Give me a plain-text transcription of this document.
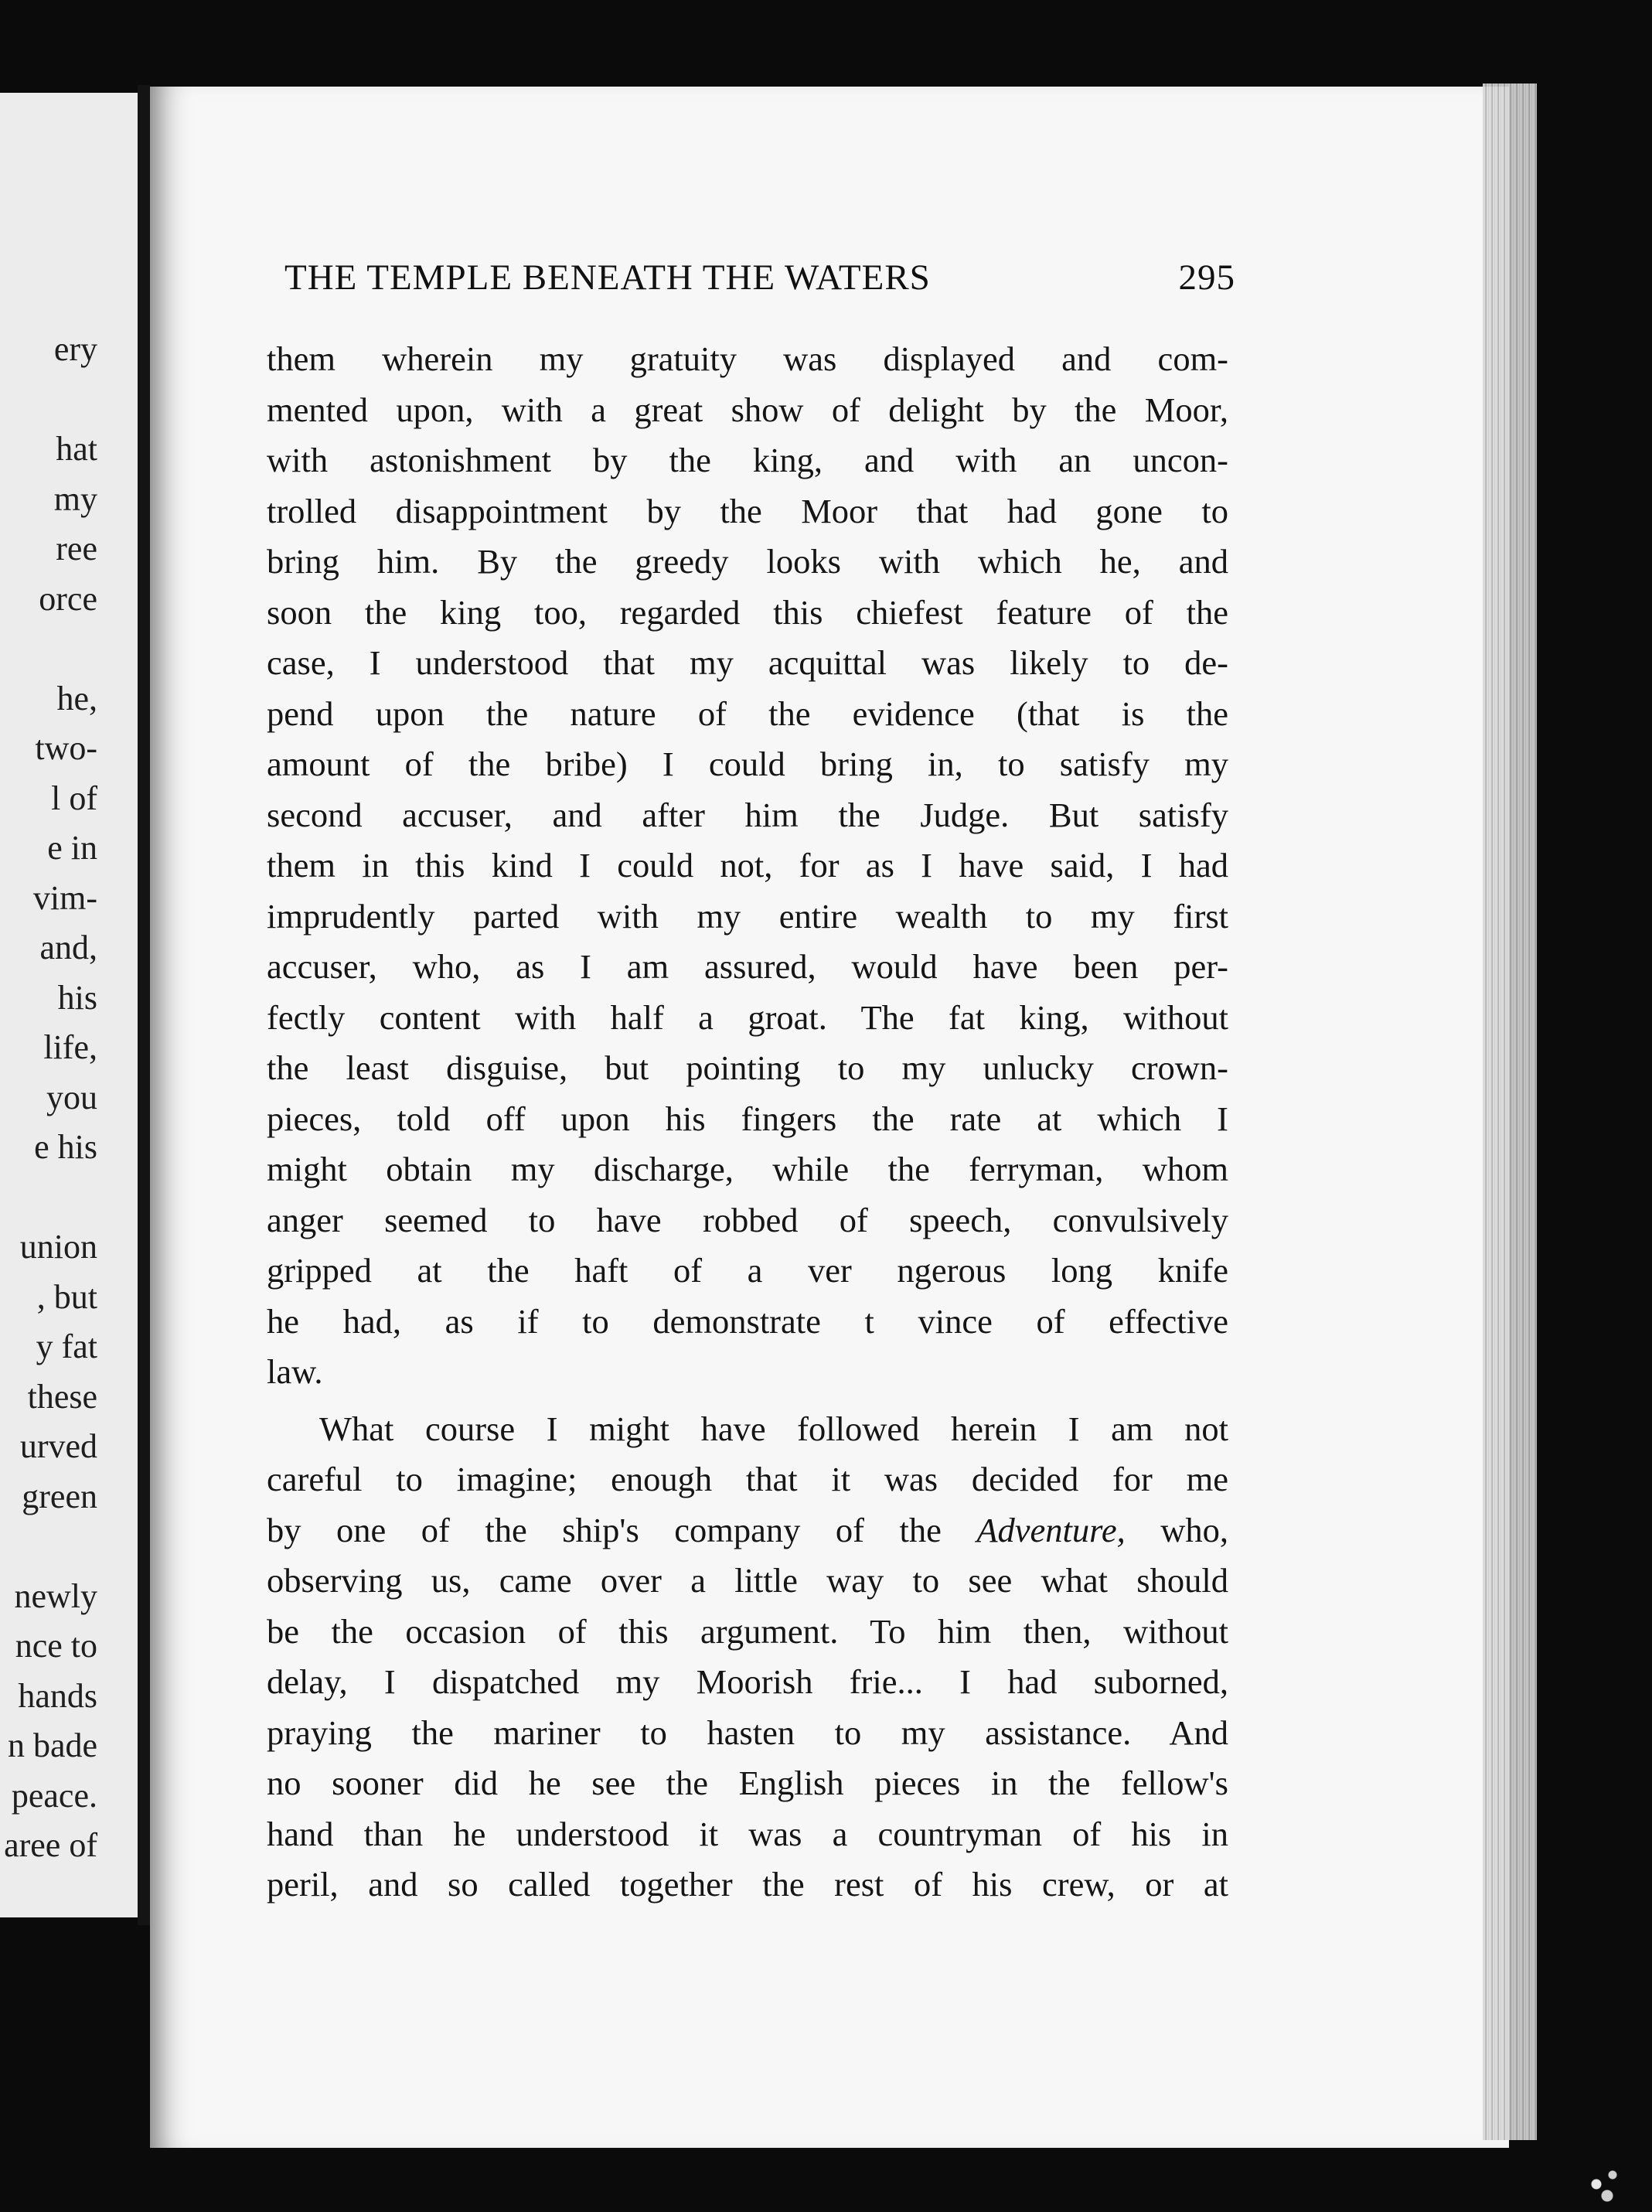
ery
hat
my
ree
orce
he,
two-
l of
e in
vim-
and,
his
life,
you
e his
union
, but
y fat
these
urved
green
newly
nce to
hands
n bade
peace.
aree of
THE TEMPLE BENEATH THE WATERS	295
them wherein my gratuity was displayed and com-
mented upon, with a great show of delight by the Moor,
with astonishment by the king, and with an uncon-
trolled disappointment by the Moor that had gone to
bring him. By the greedy looks with which he, and
soon the king too, regarded this chiefest feature of the
case, I understood that my acquittal was likely to de-
pend upon the nature of the evidence (that is the
amount of the bribe) I could bring in, to satisfy my
second accuser, and after him the Judge. But satisfy
them in this kind I could not, for as I have said, I had
imprudently parted with my entire wealth to my first
accuser, who, as I am assured, would have been per-
fectly content with half a groat. The fat king, without
the least disguise, but pointing to my unlucky crown-
pieces, told off upon his fingers the rate at which I
might obtain my discharge, while the ferryman, whom
anger seemed to have robbed of speech, convulsively
gripped at the haft of a ver ngerous long knife
he had, as if to demonstrate t vince of effective
law.
What course I might have followed herein I am not
careful to imagine; enough that it was decided for me
by one of the ship's company of the Adventure, who,
observing us, came over a little way to see what should
be the occasion of this argument. To him then, without
delay, I dispatched my Moorish frie... I had suborned,
praying the mariner to hasten to my assistance. And
no sooner did he see the English pieces in the fellow's
hand than he understood it was a countryman of his in
peril, and so called together the rest of his crew, or at
